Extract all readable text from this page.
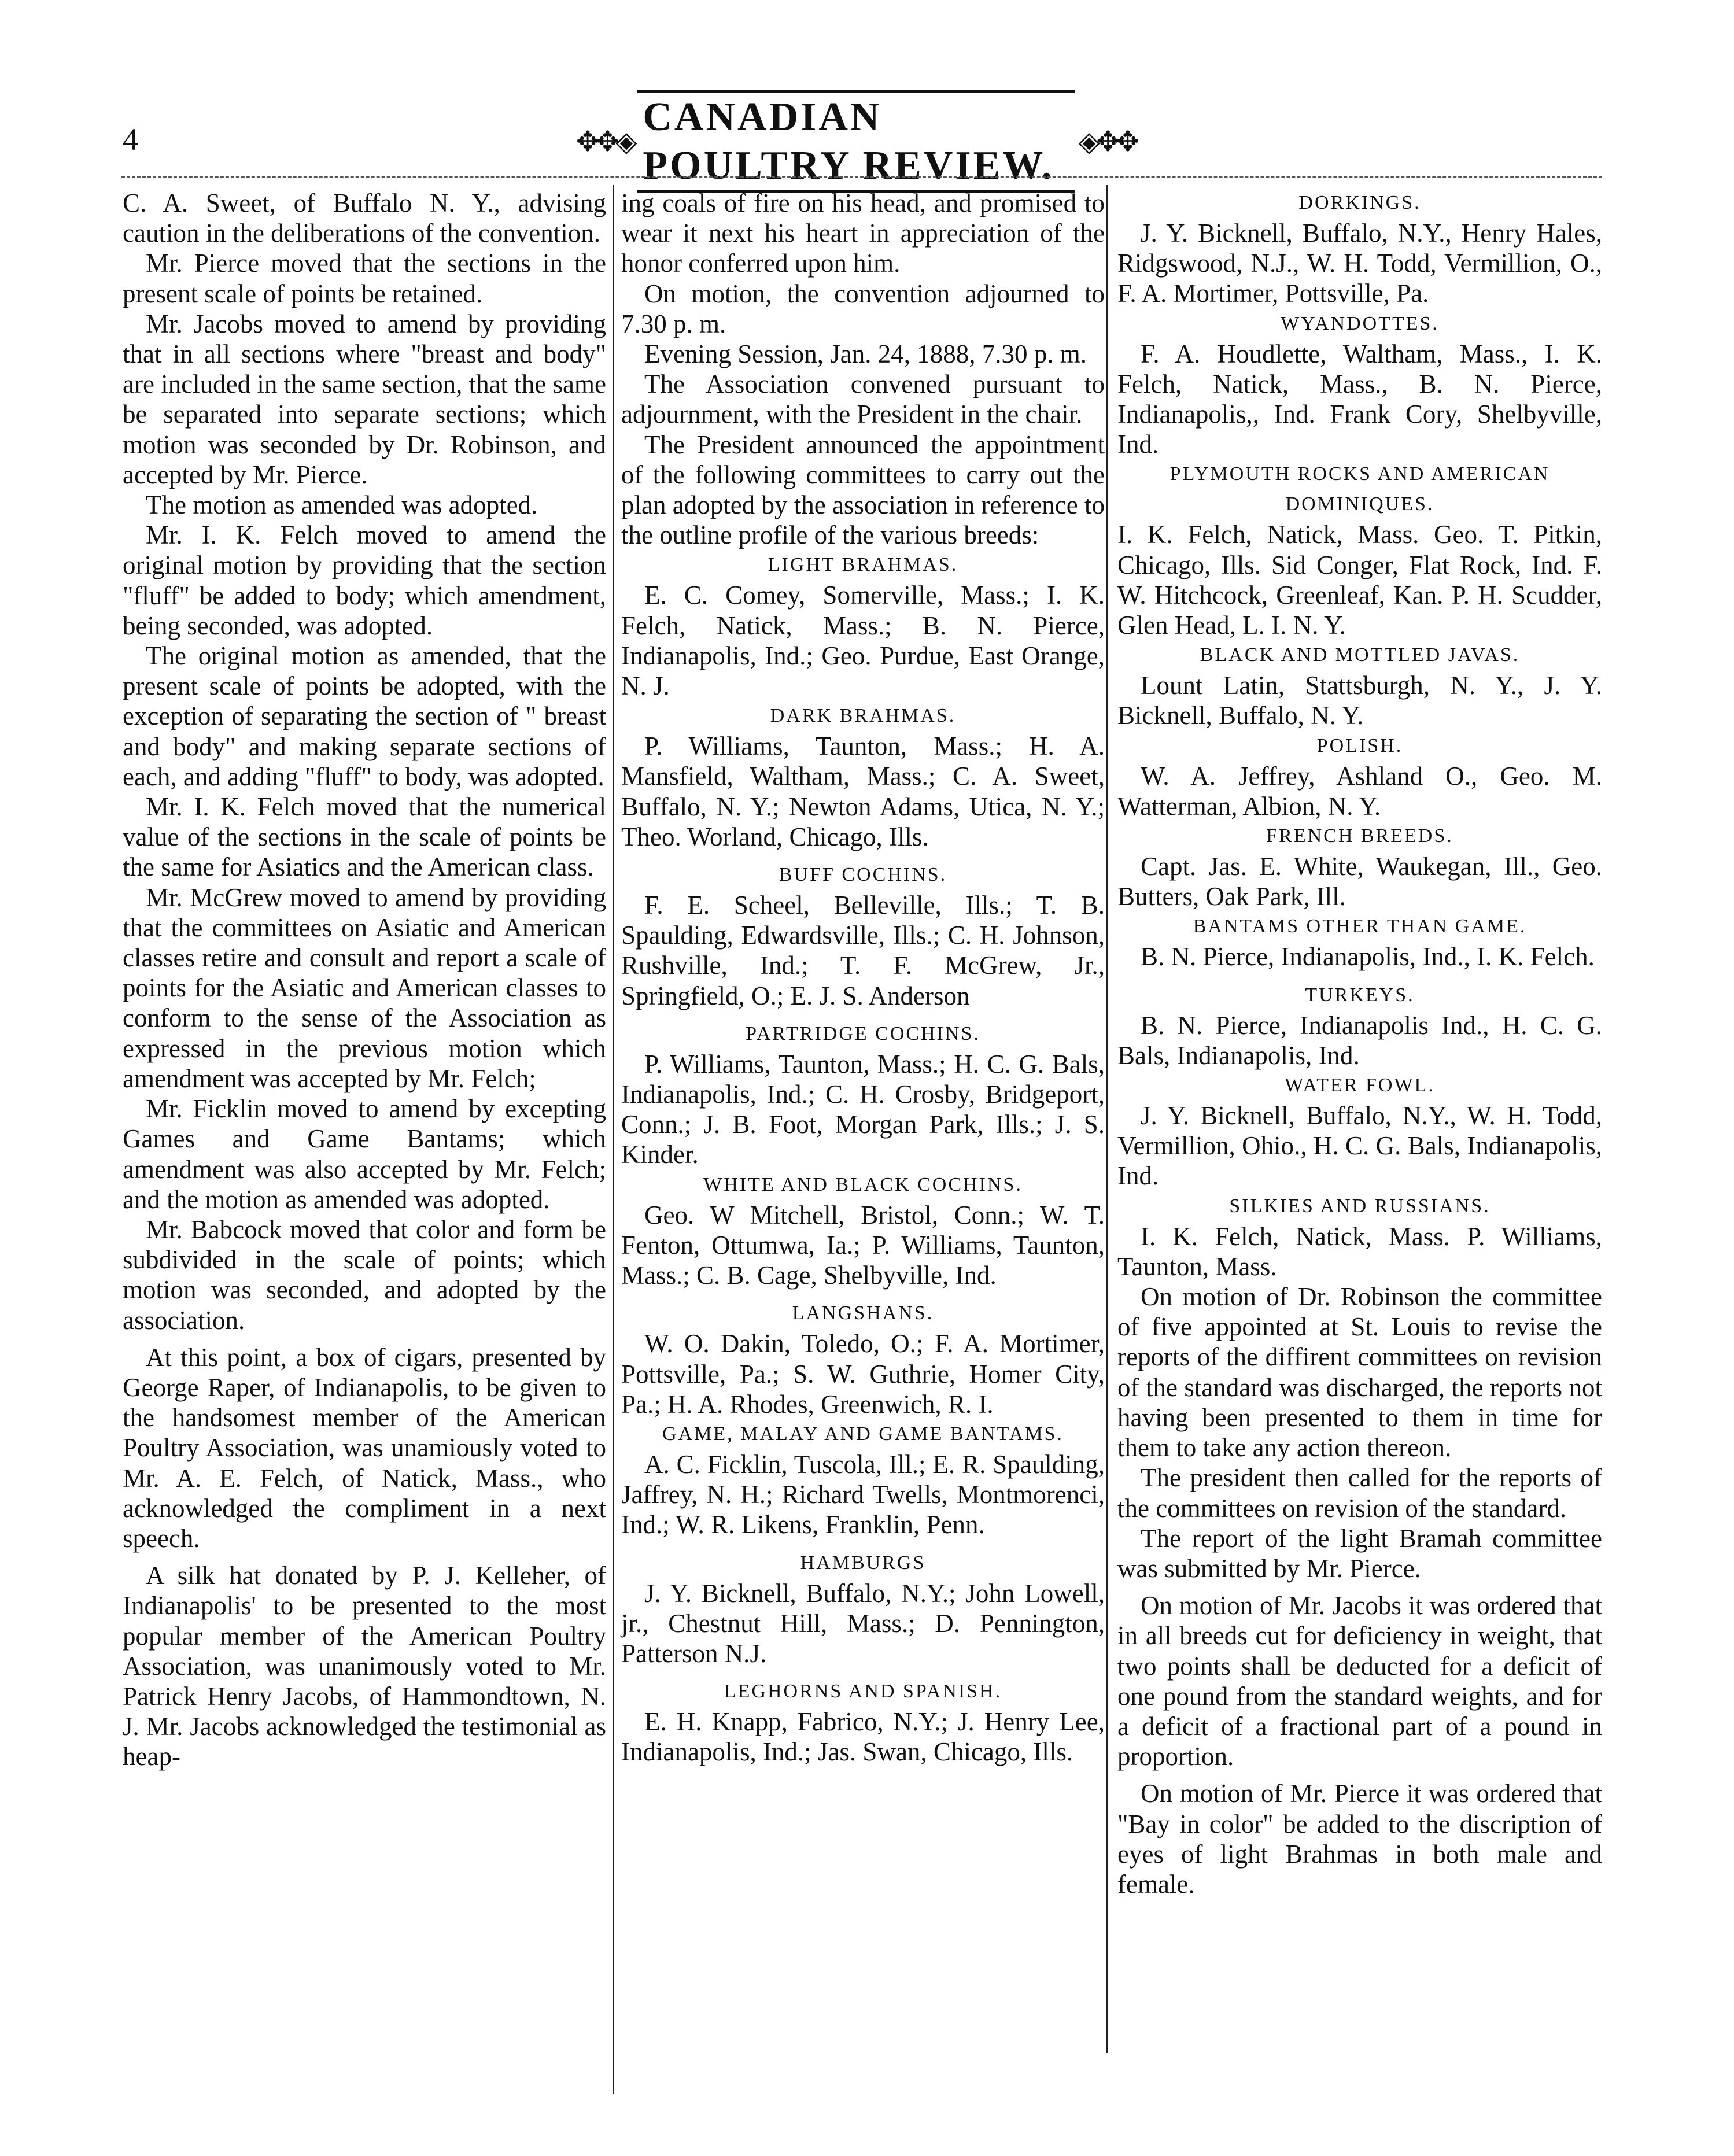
4	✥✥◈
CANADIAN POULTRY REVIEW.
◈✥✥

C. A. Sweet, of Buffalo N. Y., advising caution in the deliberations of the convention.

Mr. Pierce moved that the sections in the present scale of points be retained.

Mr. Jacobs moved to amend by providing that in all sections where "breast and body" are included in the same section, that the same be separated into separate sections; which motion was seconded by Dr. Robinson, and accepted by Mr. Pierce.

The motion as amended was adopted.

Mr. I. K. Felch moved to amend the original motion by providing that the section "fluff" be added to body; which amendment, being seconded, was adopted.

The original motion as amended, that the present scale of points be adopted, with the exception of separating the section of " breast and body" and making separate sections of each, and adding "fluff" to body, was adopted.

Mr. I. K. Felch moved that the numerical value of the sections in the scale of points be the same for Asiatics and the American class.

Mr. McGrew moved to amend by providing that the committees on Asiatic and American classes retire and consult and report a scale of points for the Asiatic and American classes to conform to the sense of the Association as expressed in the previous motion which amendment was accepted by Mr. Felch;

Mr. Ficklin moved to amend by excepting Games and Game Bantams; which amendment was also accepted by Mr. Felch; and the motion as amended was adopted.

Mr. Babcock moved that color and form be subdivided in the scale of points; which motion was seconded, and adopted by the association.

At this point, a box of cigars, presented by George Raper, of Indianapolis, to be given to the handsomest member of the American Poultry Association, was unamiously voted to Mr. A. E. Felch, of Natick, Mass., who acknowledged the compliment in a next speech.

A silk hat donated by P. J. Kelleher, of Indianapolis' to be presented to the most popular member of the American Poultry Association, was unanimously voted to Mr. Patrick Henry Jacobs, of Hammondtown, N. J. Mr. Jacobs acknowledged the testimonial as heap-

ing coals of fire on his head, and promised to wear it next his heart in appreciation of the honor conferred upon him.

On motion, the convention adjourned to 7.30 p. m.

Evening Session, Jan. 24, 1888, 7.30 p. m.

The Association convened pursuant to adjournment, with the President in the chair.

The President announced the appointment of the following committees to carry out the plan adopted by the association in reference to the outline profile of the various breeds:

LIGHT BRAHMAS.

E. C. Comey, Somerville, Mass.; I. K. Felch, Natick, Mass.; B. N. Pierce, Indianapolis, Ind.; Geo. Purdue, East Orange, N. J.

DARK BRAHMAS.

P. Williams, Taunton, Mass.; H. A. Mansfield, Waltham, Mass.; C. A. Sweet, Buffalo, N. Y.; Newton Adams, Utica, N. Y.; Theo. Worland, Chicago, Ills.

BUFF COCHINS.

F. E. Scheel, Belleville, Ills.; T. B. Spaulding, Edwardsville, Ills.; C. H. Johnson, Rushville, Ind.; T. F. McGrew, Jr., Springfield, O.; E. J. S. Anderson

PARTRIDGE COCHINS.

P. Williams, Taunton, Mass.; H. C. G. Bals, Indianapolis, Ind.; C. H. Crosby, Bridgeport, Conn.; J. B. Foot, Morgan Park, Ills.; J. S. Kinder.

WHITE AND BLACK COCHINS.

Geo. W Mitchell, Bristol, Conn.; W. T. Fenton, Ottumwa, Ia.; P. Williams, Taunton, Mass.; C. B. Cage, Shelbyville, Ind.

LANGSHANS.

W. O. Dakin, Toledo, O.; F. A. Mortimer, Pottsville, Pa.; S. W. Guthrie, Homer City, Pa.; H. A. Rhodes, Greenwich, R. I.

GAME, MALAY AND GAME BANTAMS.

A. C. Ficklin, Tuscola, Ill.; E. R. Spaulding, Jaffrey, N. H.; Richard Twells, Montmorenci, Ind.; W. R. Likens, Franklin, Penn.

HAMBURGS

J. Y. Bicknell, Buffalo, N.Y.; John Lowell, jr., Chestnut Hill, Mass.; D. Pennington, Patterson N.J.

LEGHORNS AND SPANISH.

E. H. Knapp, Fabrico, N.Y.; J. Henry Lee, Indianapolis, Ind.; Jas. Swan, Chicago, Ills.

DORKINGS.

J. Y. Bicknell, Buffalo, N.Y., Henry Hales, Ridgswood, N.J., W. H. Todd, Vermillion, O., F. A. Mortimer, Pottsville, Pa.

WYANDOTTES.

F. A. Houdlette, Waltham, Mass., I. K. Felch, Natick, Mass., B. N. Pierce, Indianapolis,, Ind. Frank Cory, Shelbyville, Ind.

PLYMOUTH ROCKS AND AMERICAN DOMINIQUES.

I. K. Felch, Natick, Mass. Geo. T. Pitkin, Chicago, Ills. Sid Conger, Flat Rock, Ind. F. W. Hitchcock, Greenleaf, Kan. P. H. Scudder, Glen Head, L. I. N. Y.

BLACK AND MOTTLED JAVAS.

Lount Latin, Stattsburgh, N. Y., J. Y. Bicknell, Buffalo, N. Y.

POLISH.

W. A. Jeffrey, Ashland O., Geo. M. Watterman, Albion, N. Y.

FRENCH BREEDS.

Capt. Jas. E. White, Waukegan, Ill., Geo. Butters, Oak Park, Ill.

BANTAMS OTHER THAN GAME.

B. N. Pierce, Indianapolis, Ind., I. K. Felch.

TURKEYS.

B. N. Pierce, Indianapolis Ind., H. C. G. Bals, Indianapolis, Ind.

WATER FOWL.

J. Y. Bicknell, Buffalo, N.Y., W. H. Todd, Vermillion, Ohio., H. C. G. Bals, Indianapolis, Ind.

SILKIES AND RUSSIANS.

I. K. Felch, Natick, Mass. P. Williams, Taunton, Mass.

On motion of Dr. Robinson the committee of five appointed at St. Louis to revise the reports of the diffirent committees on revision of the standard was discharged, the reports not having been presented to them in time for them to take any action thereon.

The president then called for the reports of the committees on revision of the standard.

The report of the light Bramah committee was submitted by Mr. Pierce.

On motion of Mr. Jacobs it was ordered that in all breeds cut for deficiency in weight, that two points shall be deducted for a deficit of one pound from the standard weights, and for a deficit of a fractional part of a pound in proportion.

On motion of Mr. Pierce it was ordered that "Bay in color" be added to the discription of eyes of light Brahmas in both male and female.
